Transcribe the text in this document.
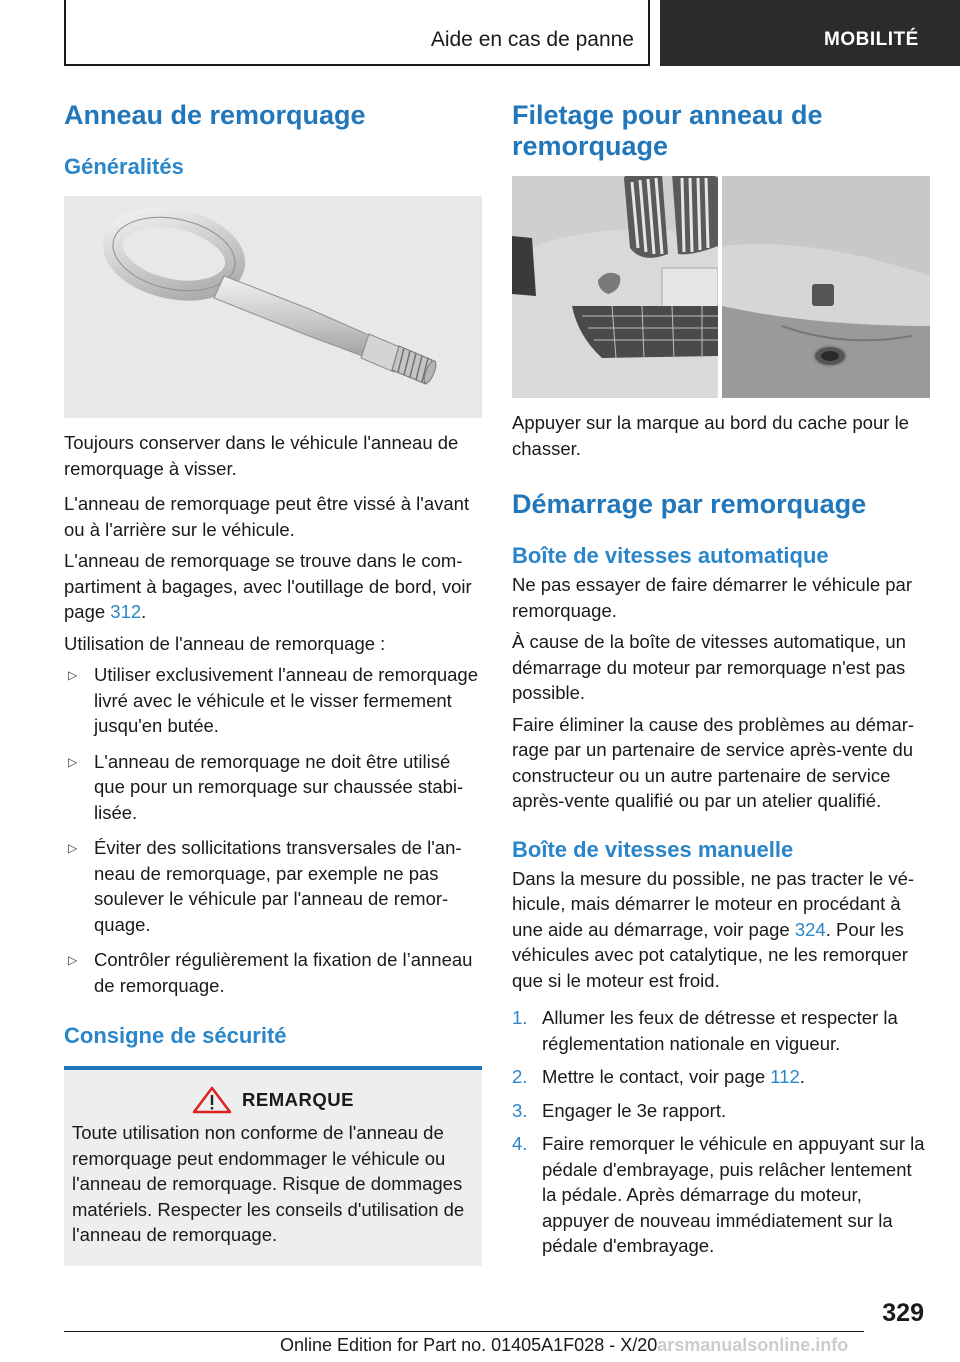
Aide en cas de panne	MOBILITÉ
Anneau de remorquage
Généralités

Toujours conserver dans le véhicule l'anneau de remorquage à visser.

L'anneau de remorquage peut être vissé à l'avant ou à l'arrière sur le véhicule.

L'anneau de remorquage se trouve dans le compartiment à bagages, avec l'outillage de bord, voir page 312.

Utilisation de l'anneau de remorquage :

▷ Utiliser exclusivement l'anneau de remorquage livré avec le véhicule et le visser fermement jusqu'en butée.
▷ L'anneau de remorquage ne doit être utilisé que pour un remorquage sur chaussée stabilisée.
▷ Éviter des sollicitations transversales de l'anneau de remorquage, par exemple ne pas soulever le véhicule par l'anneau de remorquage.
▷ Contrôler régulièrement la fixation de l’anneau de remorquage.
Consigne de sécurité
REMARQUE

Toute utilisation non conforme de l'anneau de remorquage peut endommager le véhicule ou l'anneau de remorquage. Risque de dommages matériels. Respecter les conseils d'utilisation de l'anneau de remorquage.

Filetage pour anneau de remorquage

Appuyer sur la marque au bord du cache pour le chasser.

Démarrage par remorquage
Boîte de vitesses automatique

Ne pas essayer de faire démarrer le véhicule par remorquage.

À cause de la boîte de vitesses automatique, un démarrage du moteur par remorquage n'est pas possible.

Faire éliminer la cause des problèmes au démarrage par un partenaire de service après-vente du constructeur ou un autre partenaire de service après-vente qualifié ou par un atelier qualifié.

Boîte de vitesses manuelle

Dans la mesure du possible, ne pas tracter le véhicule, mais démarrer le moteur en procédant à une aide au démarrage, voir page 324. Pour les véhicules avec pot catalytique, ne les remorquer que si le moteur est froid.

1. Allumer les feux de détresse et respecter la réglementation nationale en vigueur.
2. Mettre le contact, voir page 112.
3. Engager le 3e rapport.
4. Faire remorquer le véhicule en appuyant sur la pédale d'embrayage, puis relâcher lentement la pédale. Après démarrage du moteur, appuyer de nouveau immédiatement sur la pédale d'embrayage.
329
Online Edition for Part no. 01405A1F028 - X/20arsmanualsonline.info
